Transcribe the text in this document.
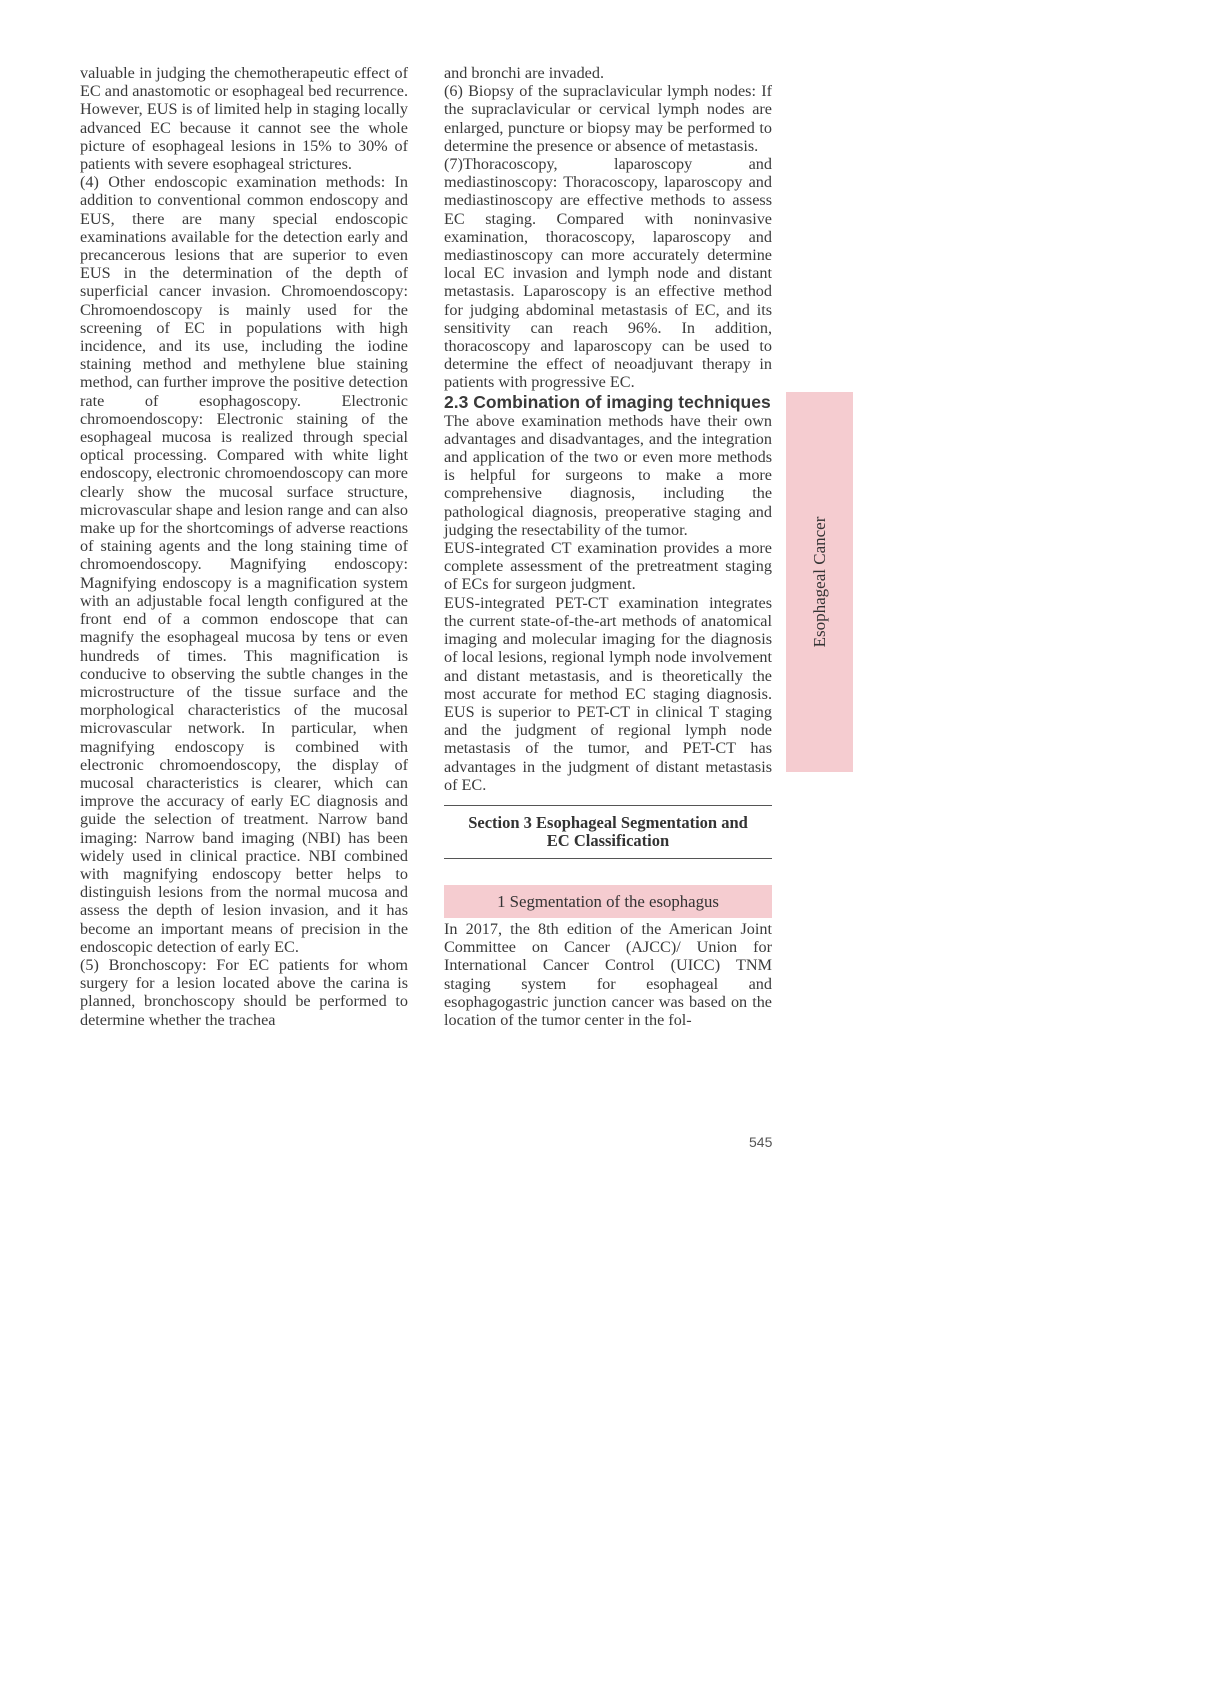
valuable in judging the chemotherapeutic effect of EC and anastomotic or esophageal bed recurrence. However, EUS is of limited help in staging locally advanced EC because it cannot see the whole picture of esophageal lesions in 15% to 30% of patients with severe esophageal strictures.

(4) Other endoscopic examination methods: In addition to conventional common endoscopy and EUS, there are many special endoscopic examinations available for the detection early and precancerous lesions that are superior to even EUS in the determination of the depth of superficial cancer invasion. Chromoendoscopy: Chromoendoscopy is mainly used for the screening of EC in populations with high incidence, and its use, including the iodine staining method and methylene blue staining method, can further improve the positive detection rate of esophagoscopy. Electronic chromoendoscopy: Electronic staining of the esophageal mucosa is realized through special optical processing. Compared with white light endoscopy, electronic chromoendoscopy can more clearly show the mucosal surface structure, microvascular shape and lesion range and can also make up for the shortcomings of adverse reactions of staining agents and the long staining time of chromoendoscopy. Magnifying endoscopy: Magnifying endoscopy is a magnification system with an adjustable focal length configured at the front end of a common endoscope that can magnify the esophageal mucosa by tens or even hundreds of times. This magnification is conducive to observing the subtle changes in the microstructure of the tissue surface and the morphological characteristics of the mucosal microvascular network. In particular, when magnifying endoscopy is combined with electronic chromoendoscopy, the display of mucosal characteristics is clearer, which can improve the accuracy of early EC diagnosis and guide the selection of treatment. Narrow band imaging: Narrow band imaging (NBI) has been widely used in clinical practice. NBI combined with magnifying endoscopy better helps to distinguish lesions from the normal mucosa and assess the depth of lesion invasion, and it has become an important means of precision in the endoscopic detection of early EC.

(5) Bronchoscopy: For EC patients for whom surgery for a lesion located above the carina is planned, bronchoscopy should be performed to determine whether the trachea

and bronchi are invaded.

(6) Biopsy of the supraclavicular lymph nodes: If the supraclavicular or cervical lymph nodes are enlarged, puncture or biopsy may be performed to determine the presence or absence of metastasis.

(7)Thoracoscopy, laparoscopy and mediastinoscopy: Thoracoscopy, laparoscopy and mediastinoscopy are effective methods to assess EC staging. Compared with noninvasive examination, thoracoscopy, laparoscopy and mediastinoscopy can more accurately determine local EC invasion and lymph node and distant metastasis. Laparoscopy is an effective method for judging abdominal metastasis of EC, and its sensitivity can reach 96%. In addition, thoracoscopy and laparoscopy can be used to determine the effect of neoadjuvant therapy in patients with progressive EC.

2.3 Combination of imaging techniques

The above examination methods have their own advantages and disadvantages, and the integration and application of the two or even more methods is helpful for surgeons to make a more comprehensive diagnosis, including the pathological diagnosis, preoperative staging and judging the resectability of the tumor.

EUS-integrated CT examination provides a more complete assessment of the pretreatment staging of ECs for surgeon judgment.

EUS-integrated PET-CT examination integrates the current state-of-the-art methods of anatomical imaging and molecular imaging for the diagnosis of local lesions, regional lymph node involvement and distant metastasis, and is theoretically the most accurate for method EC staging diagnosis. EUS is superior to PET-CT in clinical T staging and the judgment of regional lymph node metastasis of the tumor, and PET-CT has advantages in the judgment of distant metastasis of EC.

Section 3 Esophageal Segmentation and
EC Classification
1 Segmentation of the esophagus

In 2017, the 8th edition of the American Joint Committee on Cancer (AJCC)/ Union for International Cancer Control (UICC) TNM staging system for esophageal and esophagogastric junction cancer was based on the location of the tumor center in the fol-

Esophageal Cancer
545
